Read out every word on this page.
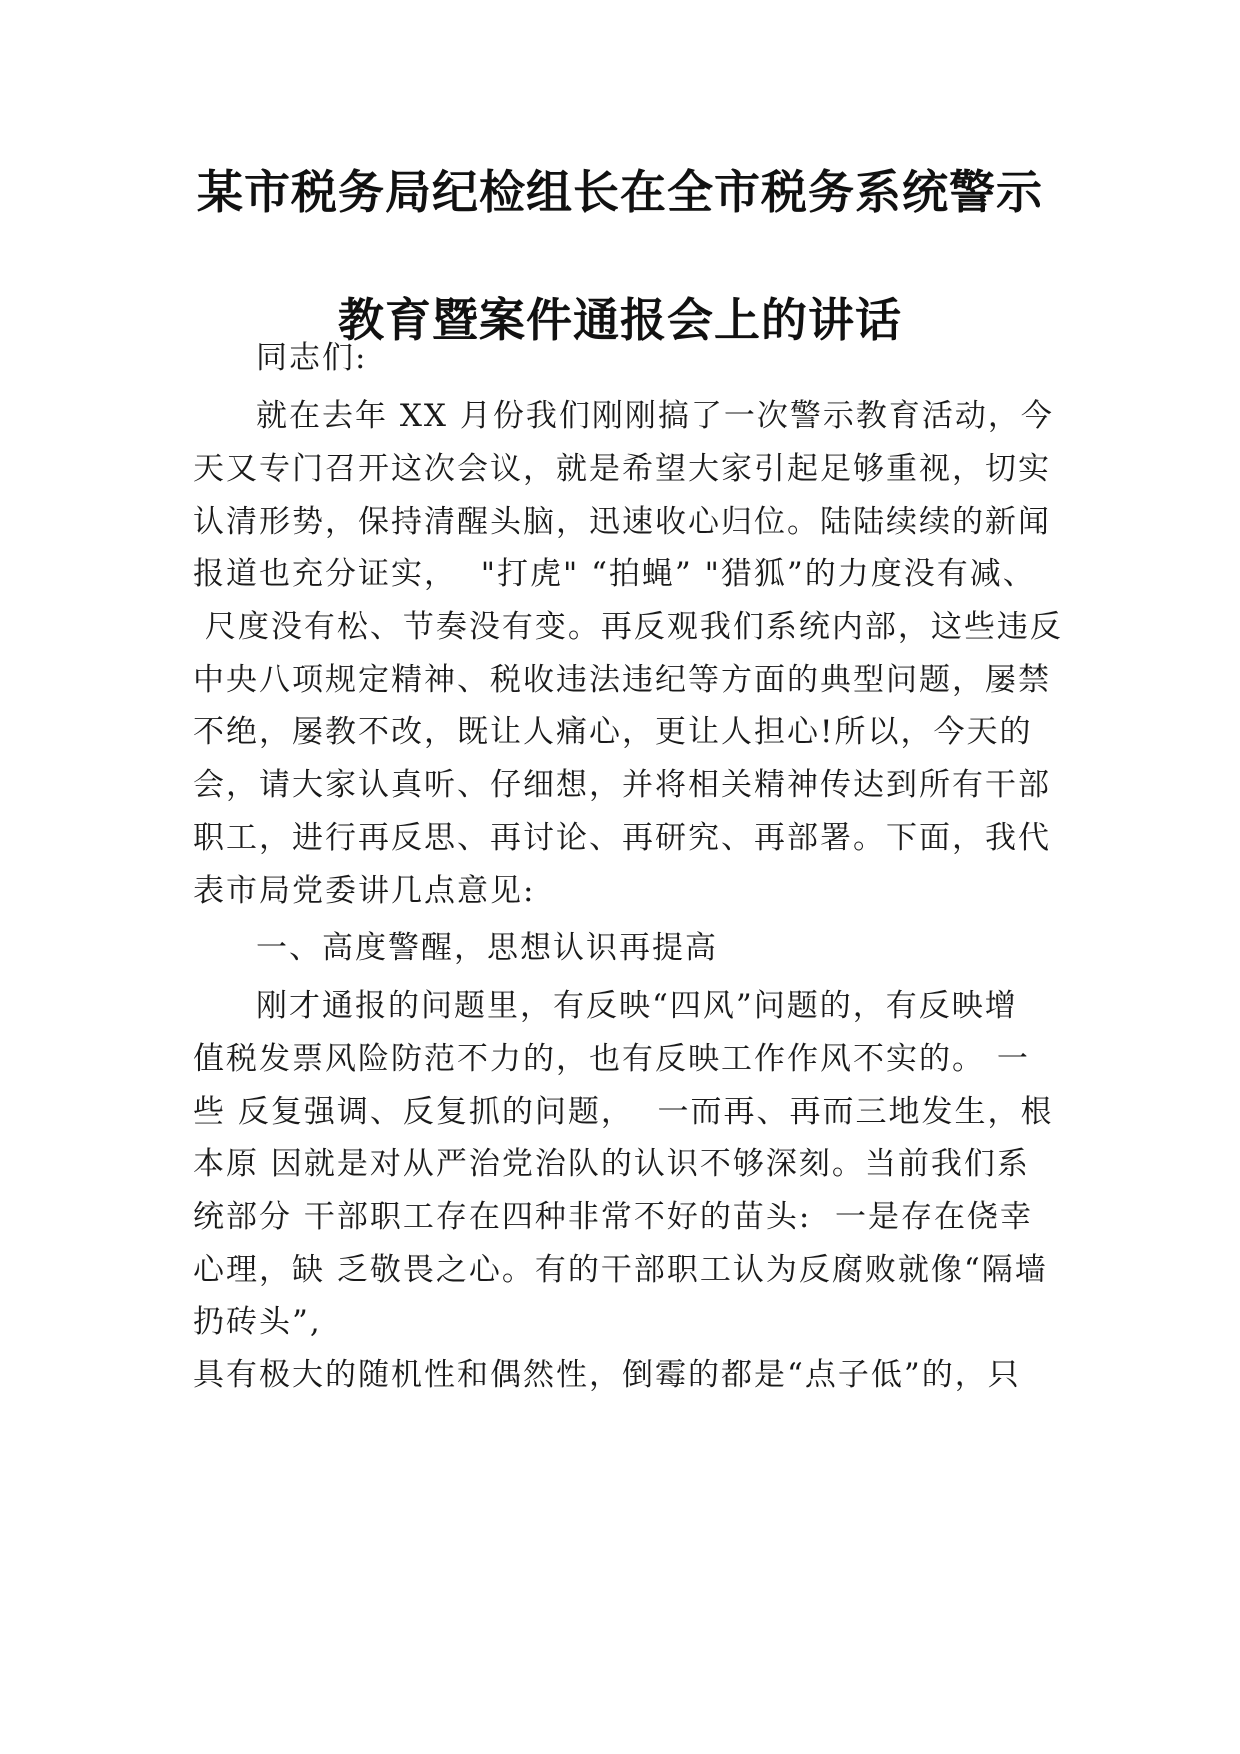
某市税务局纪检组长在全市税务系统警示
教育暨案件通报会上的讲话
同志们:
就在去年 XX 月份我们刚刚搞了一次警示教育活动，今
天又专门召开这次会议，就是希望大家引起足够重视，切实
认清形势，保持清醒头脑，迅速收心归位。陆陆续续的新闻
报道也充分证实，  "打虎" “拍蝇” "猎狐”的力度没有减、
尺度没有松、节奏没有变。再反观我们系统内部，这些违反
中央八项规定精神、税收违法违纪等方面的典型问题，屡禁
不绝，屡教不改，既让人痛心，更让人担心!所以，今天的
会，请大家认真听、仔细想，并将相关精神传达到所有干部
职工，进行再反思、再讨论、再研究、再部署。下面，我代
表市局党委讲几点意见:
一、高度警醒，思想认识再提高
刚才通报的问题里，有反映“四风”问题的，有反映增
值税发票风险防范不力的，也有反映工作作风不实的。 一
些 反复强调、反复抓的问题，  一而再、再而三地发生，根
本原 因就是对从严治党治队的认识不够深刻。当前我们系
统部分 干部职工存在四种非常不好的苗头:  一是存在侥幸
心理，缺 乏敬畏之心。有的干部职工认为反腐败就像“隔墙
扔砖头”,
具有极大的随机性和偶然性，倒霉的都是“点子低”的，只
